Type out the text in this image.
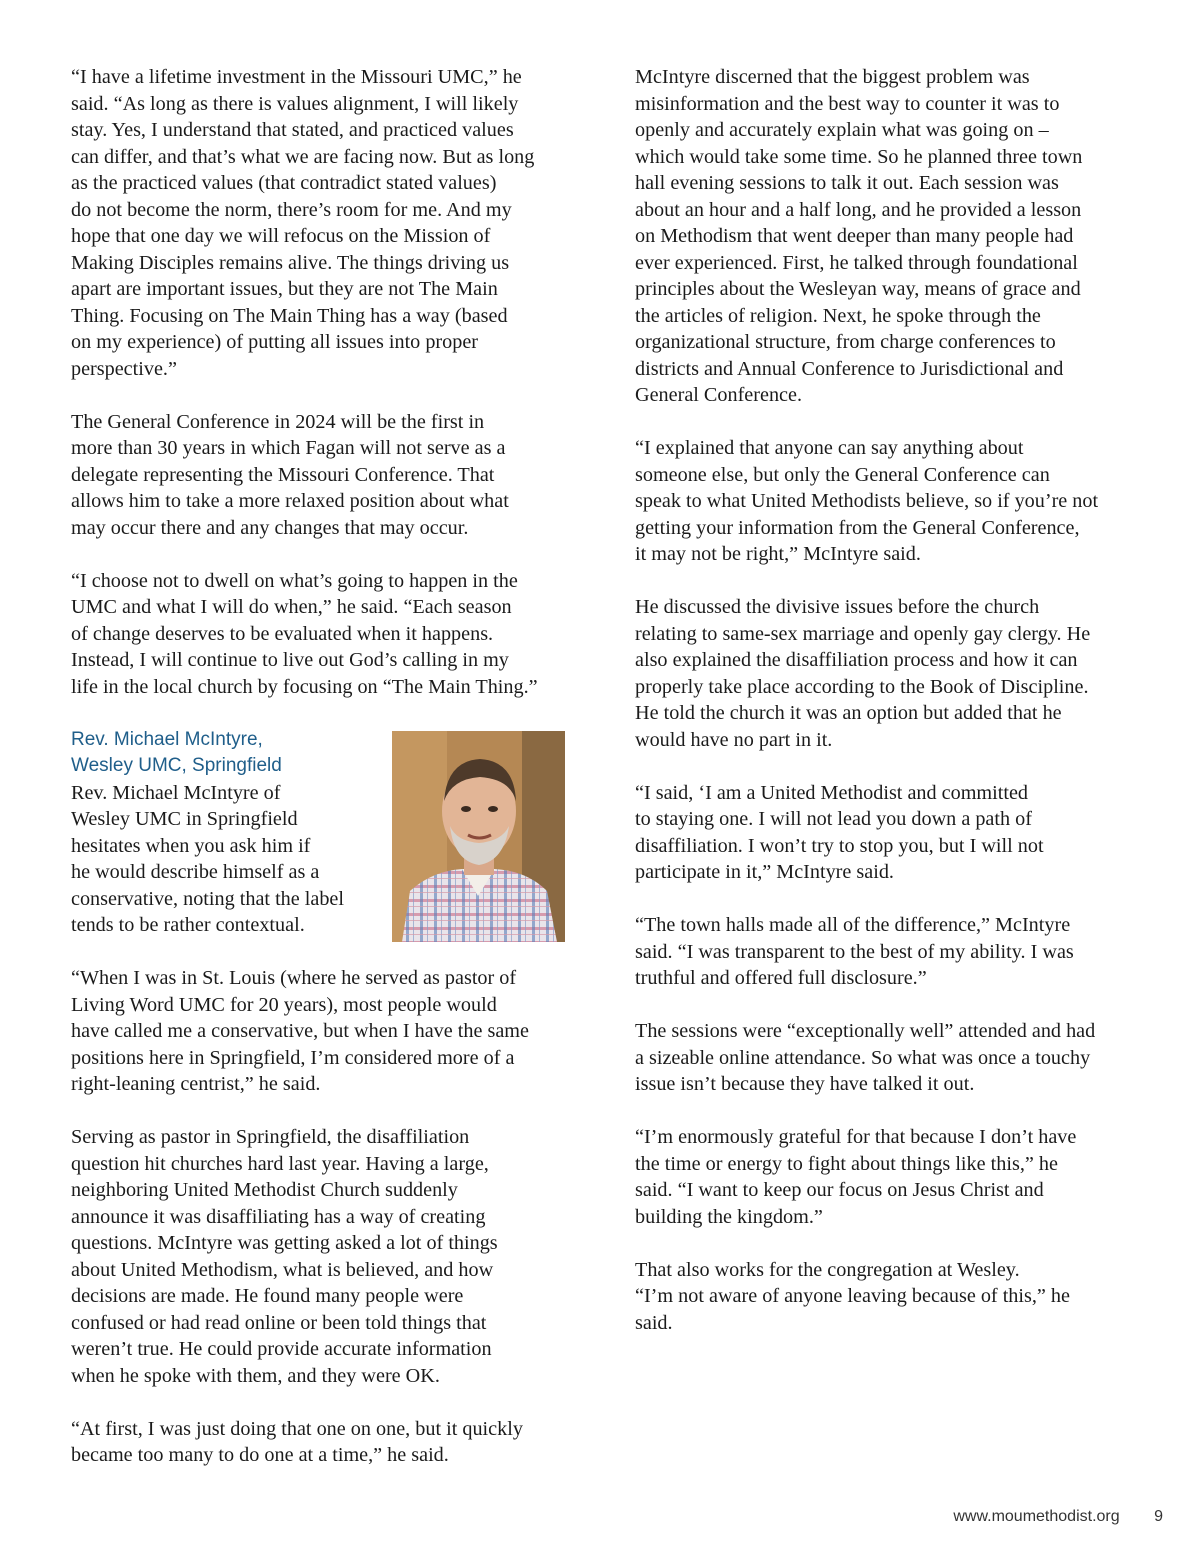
“I have a lifetime investment in the Missouri UMC,” he
said. “As long as there is values alignment, I will likely
stay. Yes, I understand that stated, and practiced values
can differ, and that’s what we are facing now. But as long
as the practiced values (that contradict stated values)
do not become the norm, there’s room for me. And my
hope that one day we will refocus on the Mission of
Making Disciples remains alive. The things driving us
apart are important issues, but they are not The Main
Thing. Focusing on The Main Thing has a way (based
on my experience) of putting all issues into proper
perspective.”

The General Conference in 2024 will be the first in
more than 30 years in which Fagan will not serve as a
delegate representing the Missouri Conference. That
allows him to take a more relaxed position about what
may occur there and any changes that may occur.

“I choose not to dwell on what’s going to happen in the
UMC and what I will do when,” he said. “Each season
of change deserves to be evaluated when it happens.
Instead, I will continue to live out God’s calling in my
life in the local church by focusing on “The Main Thing.”

Rev. Michael McIntyre,
Wesley UMC, Springfield

Rev. Michael McIntyre of
Wesley UMC in Springfield
hesitates when you ask him if
he would describe himself as a
conservative, noting that the label
tends to be rather contextual.

“When I was in St. Louis (where he served as pastor of
Living Word UMC for 20 years), most people would
have called me a conservative, but when I have the same
positions here in Springfield, I’m considered more of a
right-leaning centrist,” he said.

Serving as pastor in Springfield, the disaffiliation
question hit churches hard last year. Having a large,
neighboring United Methodist Church suddenly
announce it was disaffiliating has a way of creating
questions. McIntyre was getting asked a lot of things
about United Methodism, what is believed, and how
decisions are made. He found many people were
confused or had read online or been told things that
weren’t true. He could provide accurate information
when he spoke with them, and they were OK.

“At first, I was just doing that one on one, but it quickly
became too many to do one at a time,” he said.

McIntyre discerned that the biggest problem was
misinformation and the best way to counter it was to
openly and accurately explain what was going on –
which would take some time. So he planned three town
hall evening sessions to talk it out. Each session was
about an hour and a half long, and he provided a lesson
on Methodism that went deeper than many people had
ever experienced. First, he talked through foundational
principles about the Wesleyan way, means of grace and
the articles of religion. Next, he spoke through the
organizational structure, from charge conferences to
districts and Annual Conference to Jurisdictional and
General Conference.

“I explained that anyone can say anything about
someone else, but only the General Conference can
speak to what United Methodists believe, so if you’re not
getting your information from the General Conference,
it may not be right,” McIntyre said.

He discussed the divisive issues before the church
relating to same-sex marriage and openly gay clergy. He
also explained the disaffiliation process and how it can
properly take place according to the Book of Discipline.
He told the church it was an option but added that he
would have no part in it.

“I said, ‘I am a United Methodist and committed
to staying one. I will not lead you down a path of
disaffiliation. I won’t try to stop you, but I will not
participate in it,” McIntyre said.

“The town halls made all of the difference,” McIntyre
said. “I was transparent to the best of my ability. I was
truthful and offered full disclosure.”

The sessions were “exceptionally well” attended and had
a sizeable online attendance. So what was once a touchy
issue isn’t because they have talked it out.

“I’m enormously grateful for that because I don’t have
the time or energy to fight about things like this,” he
said. “I want to keep our focus on Jesus Christ and
building the kingdom.”

That also works for the congregation at Wesley.
“I’m not aware of anyone leaving because of this,” he
said.

www.moumethodist.org 9
